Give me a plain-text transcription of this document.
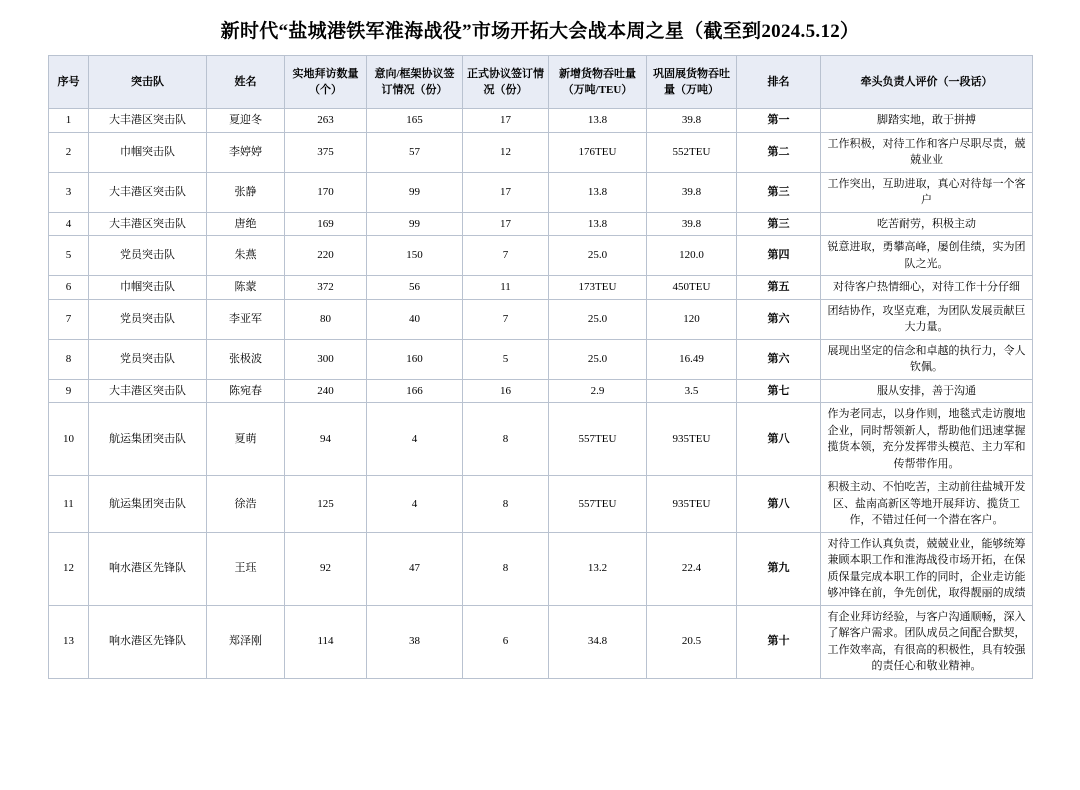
新时代“盐城港铁军淮海战役”市场开拓大会战本周之星（截至到2024.5.12）
序号	突击队	姓名	实地拜访数量（个）	意向/框架协议签订情况（份）	正式协议签订情况（份）	新增货物吞吐量（万吨/TEU）	巩固展货物吞吐量（万吨）	排名	牵头负责人评价（一段话）
1	大丰港区突击队	夏迎冬	263	165	17	13.8	39.8	第一	脚踏实地，敢于拼搏
2	巾帼突击队	李婷婷	375	57	12	176TEU	552TEU	第二	工作积极，对待工作和客户尽职尽责，兢兢业业
3	大丰港区突击队	张静	170	99	17	13.8	39.8	第三	工作突出，互助进取，真心对待每一个客户
4	大丰港区突击队	唐绝	169	99	17	13.8	39.8	第三	吃苦耐劳，积极主动
5	党员突击队	朱燕	220	150	7	25.0	120.0	第四	锐意进取，勇攀高峰，屡创佳绩，实为团队之光。
6	巾帼突击队	陈蒙	372	56	11	173TEU	450TEU	第五	对待客户热情细心，对待工作十分仔细
7	党员突击队	李亚军	80	40	7	25.0	120	第六	团结协作，攻坚克难，为团队发展贡献巨大力量。
8	党员突击队	张极波	300	160	5	25.0	16.49	第六	展现出坚定的信念和卓越的执行力，令人钦佩。
9	大丰港区突击队	陈宛春	240	166	16	2.9	3.5	第七	服从安排，善于沟通
10	航运集团突击队	夏萌	94	4	8	557TEU	935TEU	第八	作为老同志，以身作则，地毯式走访腹地企业，同时帮领新人，帮助他们迅速掌握揽货本领，充分发挥带头模范、主力军和传帮带作用。
11	航运集团突击队	徐浩	125	4	8	557TEU	935TEU	第八	积极主动、不怕吃苦，主动前往盐城开发区、盐南高新区等地开展拜访、揽货工作，不错过任何一个潜在客户。
12	响水港区先锋队	王珏	92	47	8	13.2	22.4	第九	对待工作认真负责，兢兢业业，能够统筹兼顾本职工作和淮海战役市场开拓，在保质保量完成本职工作的同时，企业走访能够冲锋在前，争先创优，取得靓丽的成绩
13	响水港区先锋队	郑泽刚	114	38	6	34.8	20.5	第十	有企业拜访经验，与客户沟通顺畅，深入了解客户需求。团队成员之间配合默契，工作效率高，有很高的积极性，具有较强的责任心和敬业精神。
